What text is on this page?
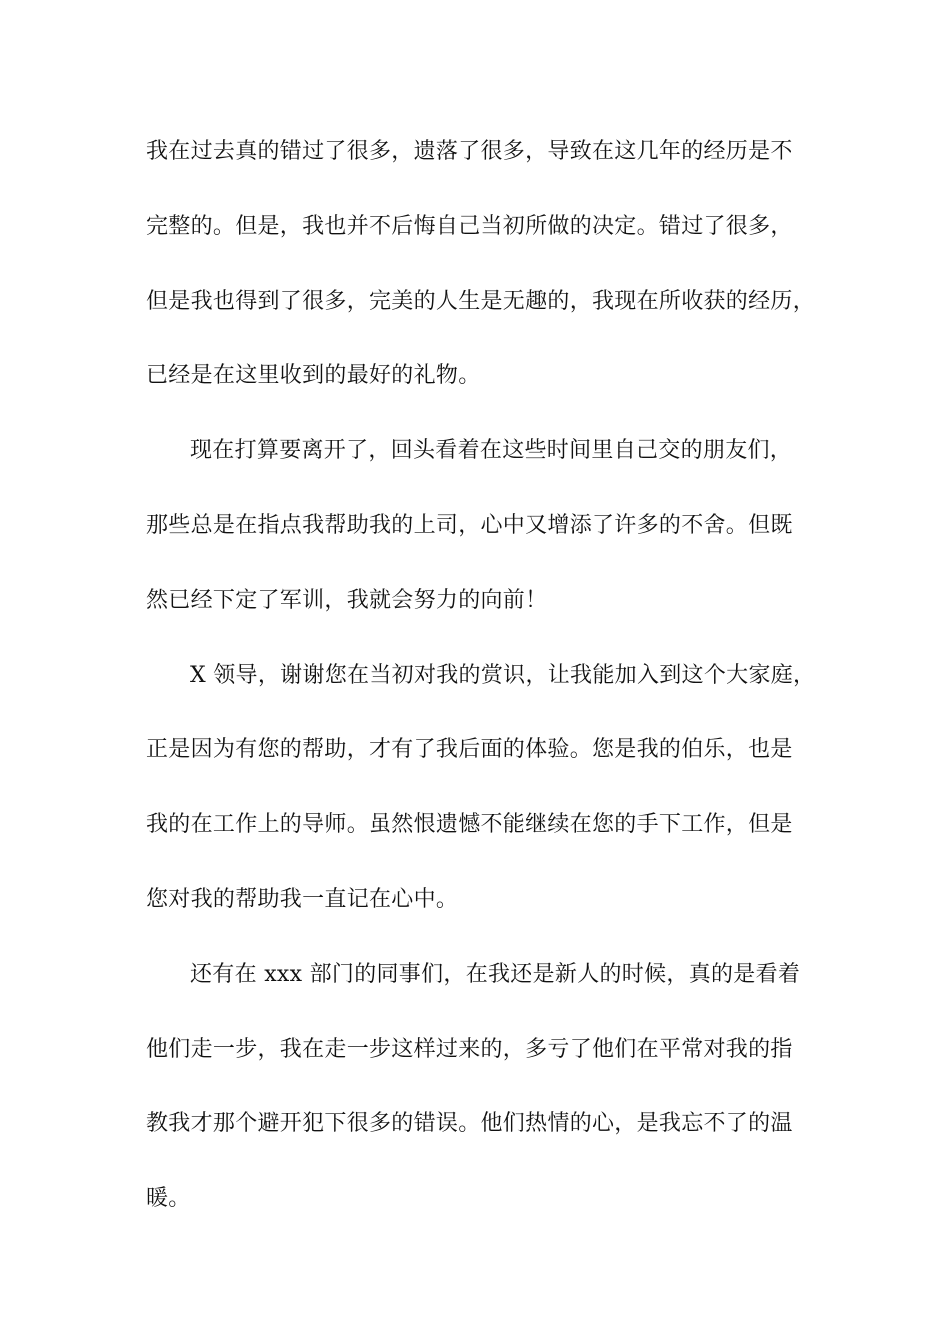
我在过去真的错过了很多，遗落了很多，导致在这几年的经历是不
完整的。但是，我也并不后悔自己当初所做的决定。错过了很多，
但是我也得到了很多，完美的人生是无趣的，我现在所收获的经历，
已经是在这里收到的最好的礼物。
现在打算要离开了，回头看着在这些时间里自己交的朋友们，
那些总是在指点我帮助我的上司，心中又增添了许多的不舍。但既
然已经下定了军训，我就会努力的向前！
X 领导，谢谢您在当初对我的赏识，让我能加入到这个大家庭，
正是因为有您的帮助，才有了我后面的体验。您是我的伯乐，也是
我的在工作上的导师。虽然恨遗憾不能继续在您的手下工作，但是
您对我的帮助我一直记在心中。
还有在 xxx 部门的同事们，在我还是新人的时候，真的是看着
他们走一步，我在走一步这样过来的，多亏了他们在平常对我的指
教我才那个避开犯下很多的错误。他们热情的心，是我忘不了的温
暖。
